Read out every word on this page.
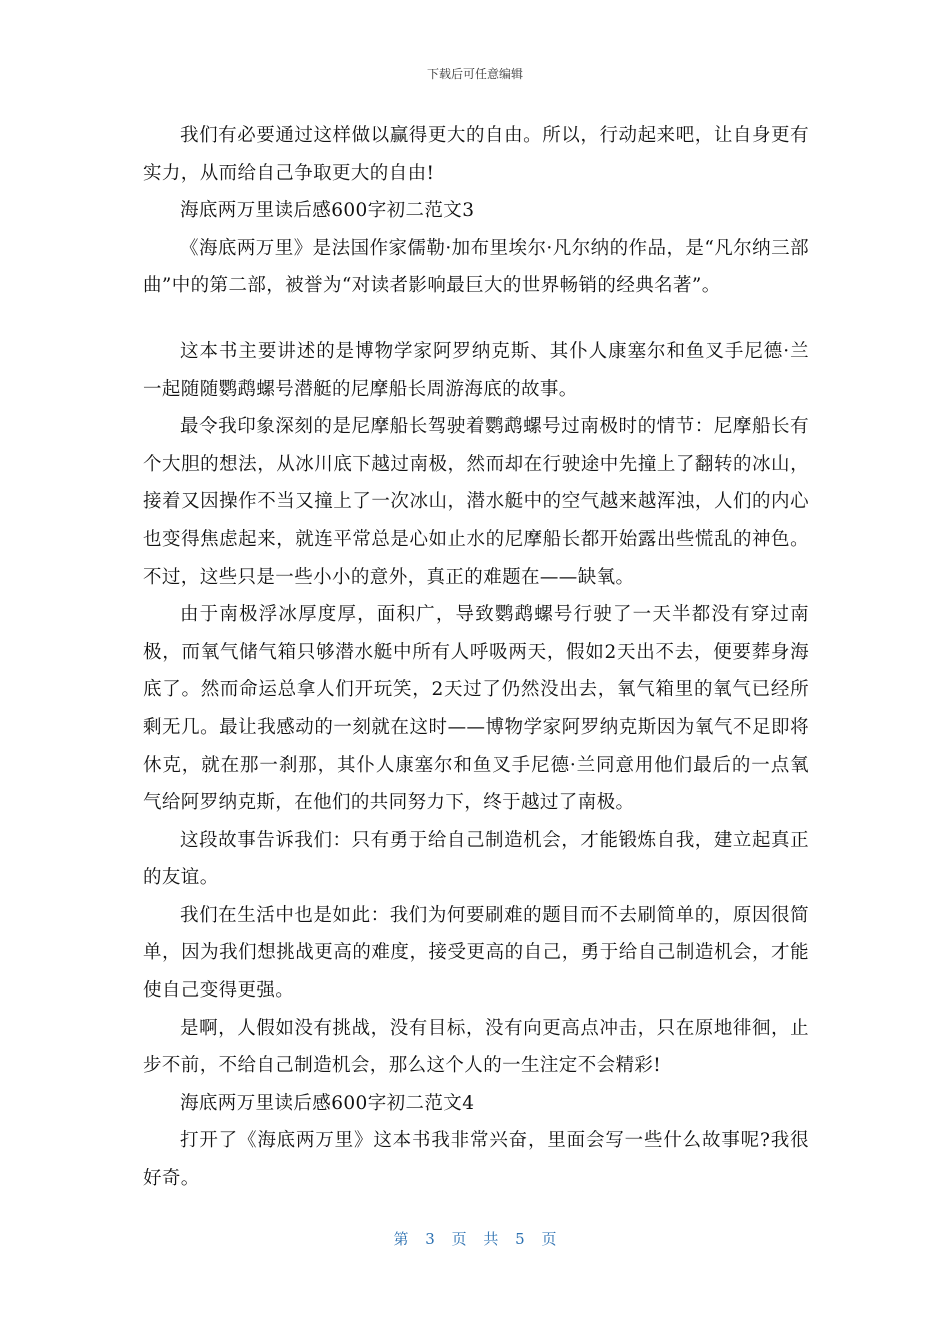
下载后可任意编辑

我们有必要通过这样做以赢得更大的自由。所以，行动起来吧，让自身更有实力，从而给自己争取更大的自由!

海底两万里读后感600字初二范文3

《海底两万里》是法国作家儒勒·加布里埃尔·凡尔纳的作品，是“凡尔纳三部曲”中的第二部，被誉为“对读者影响最巨大的世界畅销的经典名著”。

这本书主要讲述的是博物学家阿罗纳克斯、其仆人康塞尔和鱼叉手尼德·兰一起随随鹦鹉螺号潜艇的尼摩船长周游海底的故事。

最令我印象深刻的是尼摩船长驾驶着鹦鹉螺号过南极时的情节：尼摩船长有个大胆的想法，从冰川底下越过南极，然而却在行驶途中先撞上了翻转的冰山，接着又因操作不当又撞上了一次冰山，潜水艇中的空气越来越浑浊，人们的内心也变得焦虑起来，就连平常总是心如止水的尼摩船长都开始露出些慌乱的神色。不过，这些只是一些小小的意外，真正的难题在——缺氧。

由于南极浮冰厚度厚，面积广，导致鹦鹉螺号行驶了一天半都没有穿过南极，而氧气储气箱只够潜水艇中所有人呼吸两天，假如2天出不去，便要葬身海底了。然而命运总拿人们开玩笑，2天过了仍然没出去，氧气箱里的氧气已经所剩无几。最让我感动的一刻就在这时——博物学家阿罗纳克斯因为氧气不足即将休克，就在那一刹那，其仆人康塞尔和鱼叉手尼德·兰同意用他们最后的一点氧气给阿罗纳克斯，在他们的共同努力下，终于越过了南极。

这段故事告诉我们：只有勇于给自己制造机会，才能锻炼自我，建立起真正的友谊。

我们在生活中也是如此：我们为何要刷难的题目而不去刷简单的，原因很简单，因为我们想挑战更高的难度，接受更高的自己，勇于给自己制造机会，才能使自己变得更强。

是啊，人假如没有挑战，没有目标，没有向更高点冲击，只在原地徘徊，止步不前，不给自己制造机会，那么这个人的一生注定不会精彩!

海底两万里读后感600字初二范文4

打开了《海底两万里》这本书我非常兴奋，里面会写一些什么故事呢?我很好奇。

第 3 页 共 5 页
